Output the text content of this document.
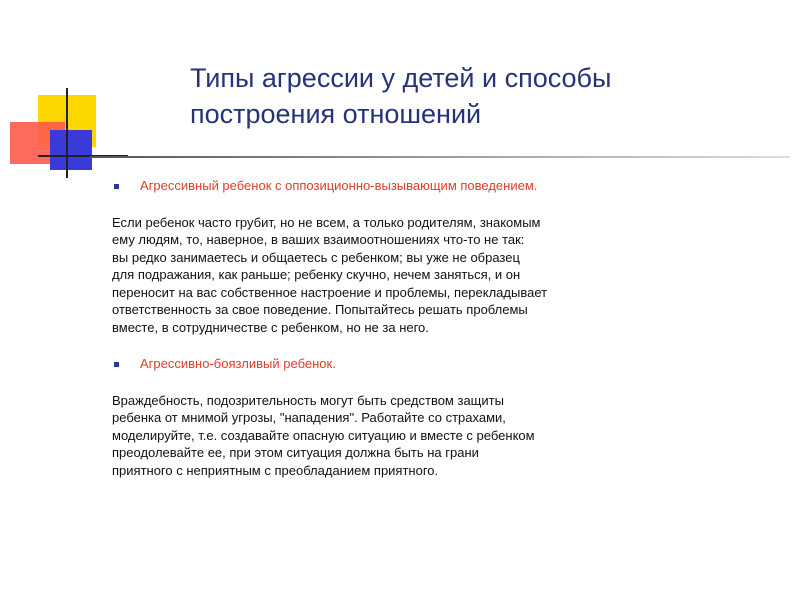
Типы агрессии у детей и способы
построения отношений
Агрессивный ребенок с оппозиционно-вызывающим поведением.
Если ребенок часто грубит, но не всем, а только родителям, знакомым
ему людям, то, наверное, в ваших взаимоотношениях что-то не так:
вы редко занимаетесь и общаетесь с ребенком; вы уже не образец
для подражания, как раньше; ребенку скучно, нечем заняться, и он
переносит на вас собственное настроение и проблемы, перекладывает
ответственность за свое поведение. Попытайтесь решать проблемы
вместе, в сотрудничестве с ребенком, но не за него.
Агрессивно-боязливый ребенок.
Враждебность, подозрительность могут быть средством защиты
ребенка от мнимой угрозы, "нападения". Работайте со страхами,
моделируйте, т.е. создавайте опасную ситуацию и вместе с ребенком
преодолевайте ее, при этом ситуация должна быть на грани
приятного с неприятным с преобладанием приятного.
